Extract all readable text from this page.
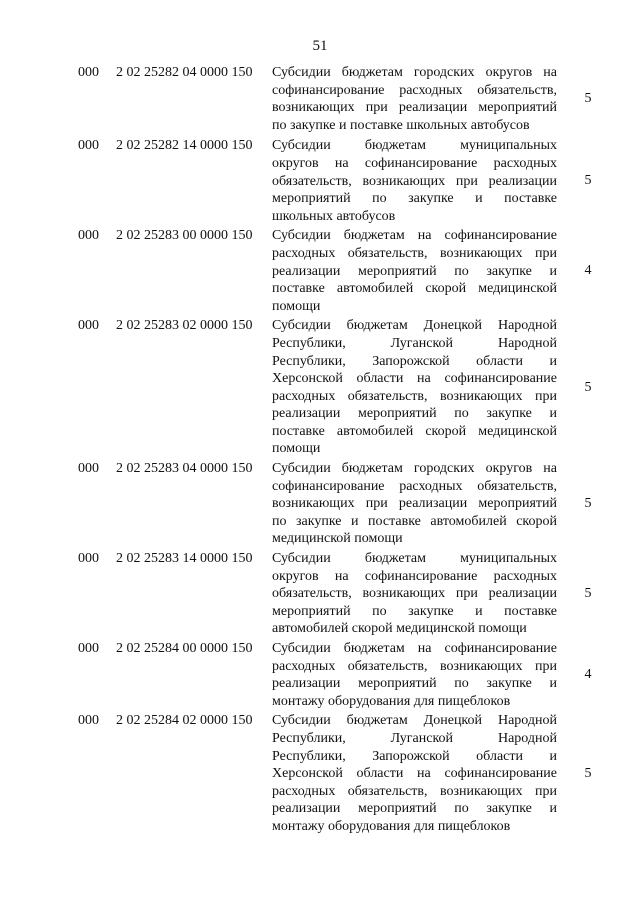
51
000 2 02 25282 04 0000 150 Субсидии бюджетам городских округов на
софинансирование расходных обязательств,
возникающих при реализации мероприятий
по закупке и поставке школьных автобусов
5
000 2 02 25282 14 0000 150 Субсидии бюджетам муниципальных
округов на софинансирование расходных
обязательств, возникающих при реализации
мероприятий по закупке и поставке
школьных автобусов
5
000 2 02 25283 00 0000 150 Субсидии бюджетам на софинансирование
расходных обязательств, возникающих при
реализации мероприятий по закупке и
поставке автомобилей скорой медицинской
помощи
4
000 2 02 25283 02 0000 150 Субсидии бюджетам Донецкой Народной
Республики, Луганской Народной
Республики, Запорожской области и
Херсонской области на софинансирование
расходных обязательств, возникающих при
реализации мероприятий по закупке и
поставке автомобилей скорой медицинской
помощи
5
000 2 02 25283 04 0000 150 Субсидии бюджетам городских округов на
софинансирование расходных обязательств,
возникающих при реализации мероприятий
по закупке и поставке автомобилей скорой
медицинской помощи
5
000 2 02 25283 14 0000 150 Субсидии бюджетам муниципальных
округов на софинансирование расходных
обязательств, возникающих при реализации
мероприятий по закупке и поставке
автомобилей скорой медицинской помощи
5
000 2 02 25284 00 0000 150 Субсидии бюджетам на софинансирование
расходных обязательств, возникающих при
реализации мероприятий по закупке и
монтажу оборудования для пищеблоков
4
000 2 02 25284 02 0000 150 Субсидии бюджетам Донецкой Народной
Республики, Луганской Народной
Республики, Запорожской области и
Херсонской области на софинансирование
расходных обязательств, возникающих при
реализации мероприятий по закупке и
монтажу оборудования для пищеблоков
5
